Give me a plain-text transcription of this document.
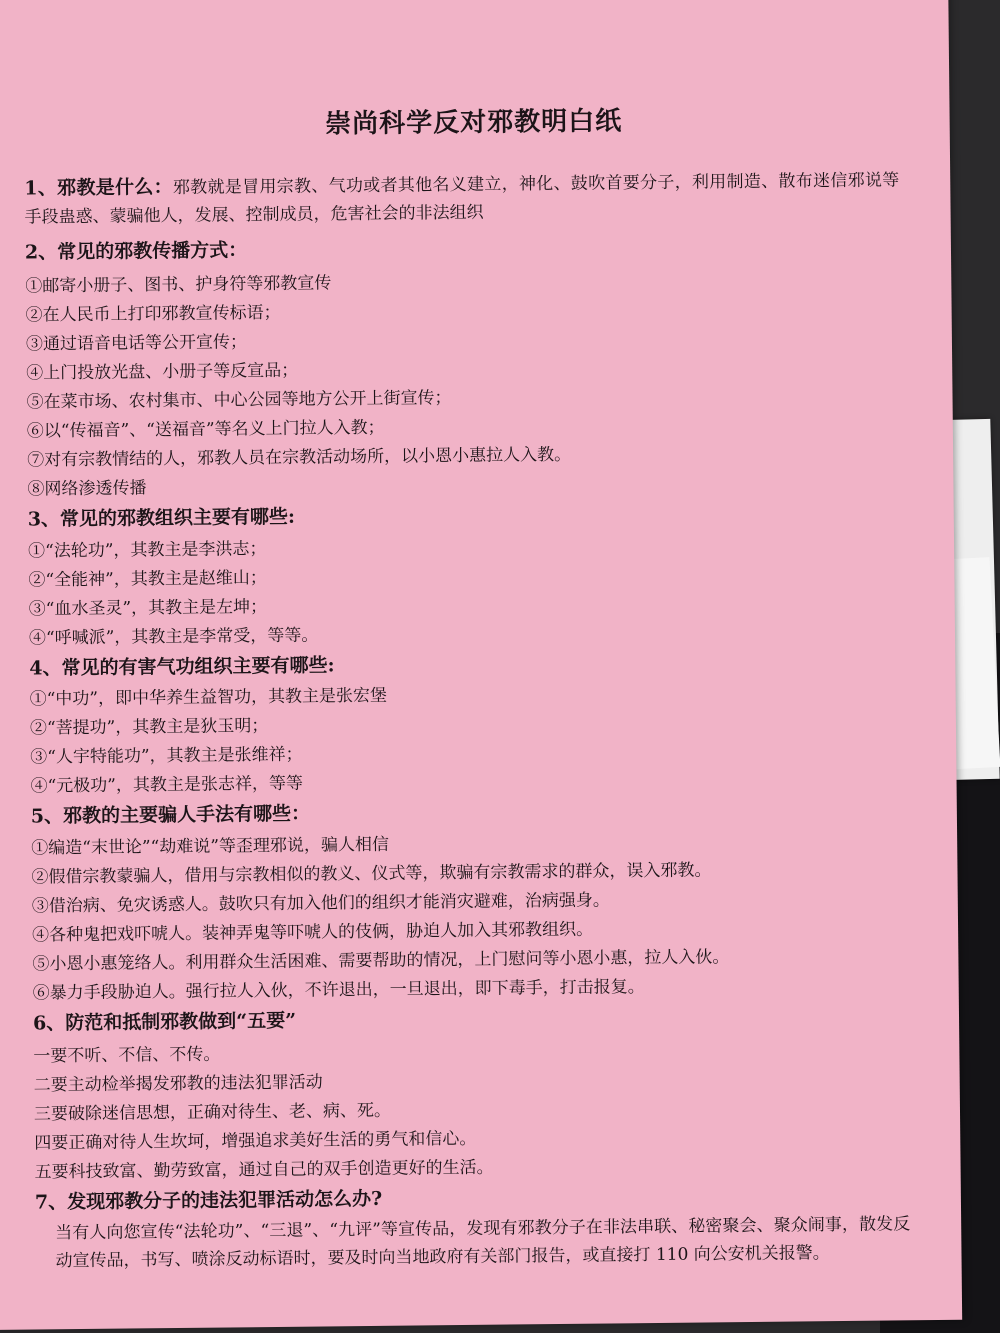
崇尚科学反对邪教明白纸
1、邪教是什么：邪教就是冒用宗教、气功或者其他名义建立，神化、鼓吹首要分子，利用制造、散布迷信邪说等手段蛊惑、蒙骗他人，发展、控制成员，危害社会的非法组织
2、常见的邪教传播方式：
①邮寄小册子、图书、护身符等邪教宣传
②在人民币上打印邪教宣传标语；
③通过语音电话等公开宣传；
④上门投放光盘、小册子等反宣品；
⑤在菜市场、农村集市、中心公园等地方公开上街宣传；
⑥以“传福音”、“送福音”等名义上门拉人入教；
⑦对有宗教情结的人，邪教人员在宗教活动场所，以小恩小惠拉人入教。
⑧网络渗透传播
3、常见的邪教组织主要有哪些:
①“法轮功”，其教主是李洪志；
②“全能神”，其教主是赵维山；
③“血水圣灵”，其教主是左坤；
④“呼喊派”，其教主是李常受，等等。
4、常见的有害气功组织主要有哪些:
①“中功”，即中华养生益智功，其教主是张宏堡
②“菩提功”，其教主是狄玉明；
③“人宇特能功”，其教主是张维祥；
④“元极功”，其教主是张志祥，等等
5、邪教的主要骗人手法有哪些：
①编造“末世论”“劫难说”等歪理邪说，骗人相信
②假借宗教蒙骗人，借用与宗教相似的教义、仪式等，欺骗有宗教需求的群众，误入邪教。
③借治病、免灾诱惑人。鼓吹只有加入他们的组织才能消灾避难，治病强身。
④各种鬼把戏吓唬人。装神弄鬼等吓唬人的伎俩，胁迫人加入其邪教组织。
⑤小恩小惠笼络人。利用群众生活困难、需要帮助的情况，上门慰问等小恩小惠，拉人入伙。
⑥暴力手段胁迫人。强行拉人入伙，不许退出，一旦退出，即下毒手，打击报复。
6、防范和抵制邪教做到“五要”
一要不听、不信、不传。
二要主动检举揭发邪教的违法犯罪活动
三要破除迷信思想，正确对待生、老、病、死。
四要正确对待人生坎坷，增强追求美好生活的勇气和信心。
五要科技致富、勤劳致富，通过自己的双手创造更好的生活。
7、发现邪教分子的违法犯罪活动怎么办?
当有人向您宣传“法轮功”、“三退”、“九评”等宣传品，发现有邪教分子在非法串联、秘密聚会、聚众闹事，散发反动宣传品，书写、喷涂反动标语时，要及时向当地政府有关部门报告，或直接打 110 向公安机关报警。
